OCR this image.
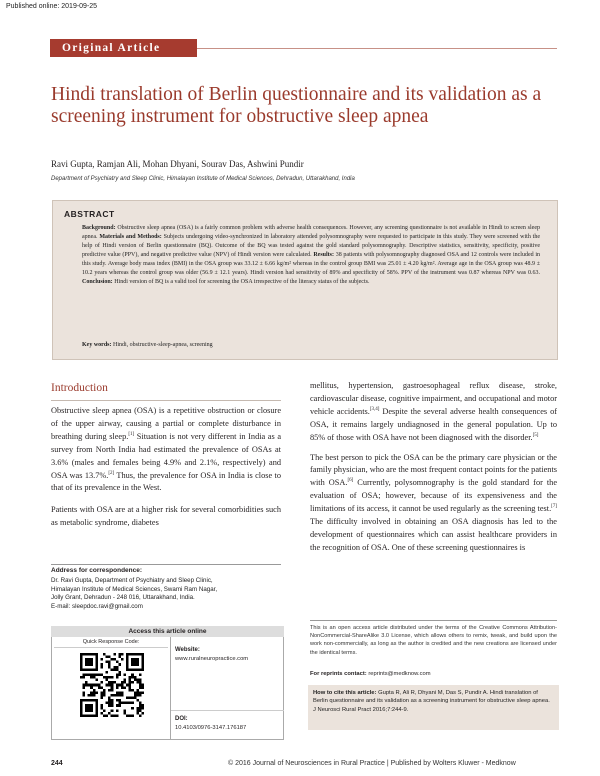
Published online: 2019-09-25
Original Article
Hindi translation of Berlin questionnaire and its validation as a screening instrument for obstructive sleep apnea
Ravi Gupta, Ramjan Ali, Mohan Dhyani, Sourav Das, Ashwini Pundir
Department of Psychiatry and Sleep Clinic, Himalayan Institute of Medical Sciences, Dehradun, Uttarakhand, India
ABSTRACT
Background: Obstructive sleep apnea (OSA) is a fairly common problem with adverse health consequences. However, any screening questionnaire is not available in Hindi to screen sleep apnea. Materials and Methods: Subjects undergoing video-synchronized in laboratory attended polysomnography were requested to participate in this study. They were screened with the help of Hindi version of Berlin questionnaire (BQ). Outcome of the BQ was tested against the gold standard polysomnography. Descriptive statistics, sensitivity, specificity, positive predictive value (PPV), and negative predictive value (NPV) of Hindi version were calculated. Results: 38 patients with polysomnography diagnosed OSA and 12 controls were included in this study. Average body mass index (BMI) in the OSA group was 33.12 ± 6.66 kg/m² whereas in the control group BMI was 25.01 ± 4.20 kg/m². Average age in the OSA group was 48.9 ± 10.2 years whereas the control group was older (56.9 ± 12.1 years). Hindi version had sensitivity of 89% and specificity of 58%. PPV of the instrument was 0.87 whereas NPV was 0.63. Conclusion: Hindi version of BQ is a valid tool for screening the OSA irrespective of the literacy status of the subjects.
Key words: Hindi, obstructive-sleep-apnea, screening
Introduction

Obstructive sleep apnea (OSA) is a repetitive obstruction or closure of the upper airway, causing a partial or complete disturbance in breathing during sleep.[1] Situation is not very different in India as a survey from North India had estimated the prevalence of OSAs at 3.6% (males and females being 4.9% and 2.1%, respectively) and OSA was 13.7%.[2] Thus, the prevalence for OSA in India is close to that of its prevalence in the West.

Patients with OSA are at a higher risk for several comorbidities such as metabolic syndrome, diabetes

mellitus, hypertension, gastroesophageal reflux disease, stroke, cardiovascular disease, cognitive impairment, and occupational and motor vehicle accidents.[3,4] Despite the several adverse health consequences of OSA, it remains largely undiagnosed in the general population. Up to 85% of those with OSA have not been diagnosed with the disorder.[5]

The best person to pick the OSA can be the primary care physician or the family physician, who are the most frequent contact points for the patients with OSA.[6] Currently, polysomnography is the gold standard for the evaluation of OSA; however, because of its expensiveness and the limitations of its access, it cannot be used regularly as the screening test.[7] The difficulty involved in obtaining an OSA diagnosis has led to the development of questionnaires which can assist healthcare providers in the recognition of OSA. One of these screening questionnaires is

Address for correspondence:
Dr. Ravi Gupta, Department of Psychiatry and Sleep Clinic,
Himalayan Institute of Medical Sciences, Swami Ram Nagar,
Jolly Grant, Dehradun - 248 016, Uttarakhand, India.
E-mail: sleepdoc.ravi@gmail.com
Access this article online
Quick Response Code:
Website:
www.ruralneuropractice.com
DOI:
10.4103/0976-3147.176187
This is an open access article distributed under the terms of the Creative Commons Attribution-NonCommercial-ShareAlike 3.0 License, which allows others to remix, tweak, and build upon the work non-commercially, as long as the author is credited and the new creations are licensed under the identical terms.
For reprints contact: reprints@medknow.com
How to cite this article: Gupta R, Ali R, Dhyani M, Das S, Pundir A. Hindi translation of Berlin questionnaire and its validation as a screening instrument for obstructive sleep apnea. J Neurosci Rural Pract 2016;7:244-9.
244	© 2016 Journal of Neurosciences in Rural Practice | Published by Wolters Kluwer - Medknow
